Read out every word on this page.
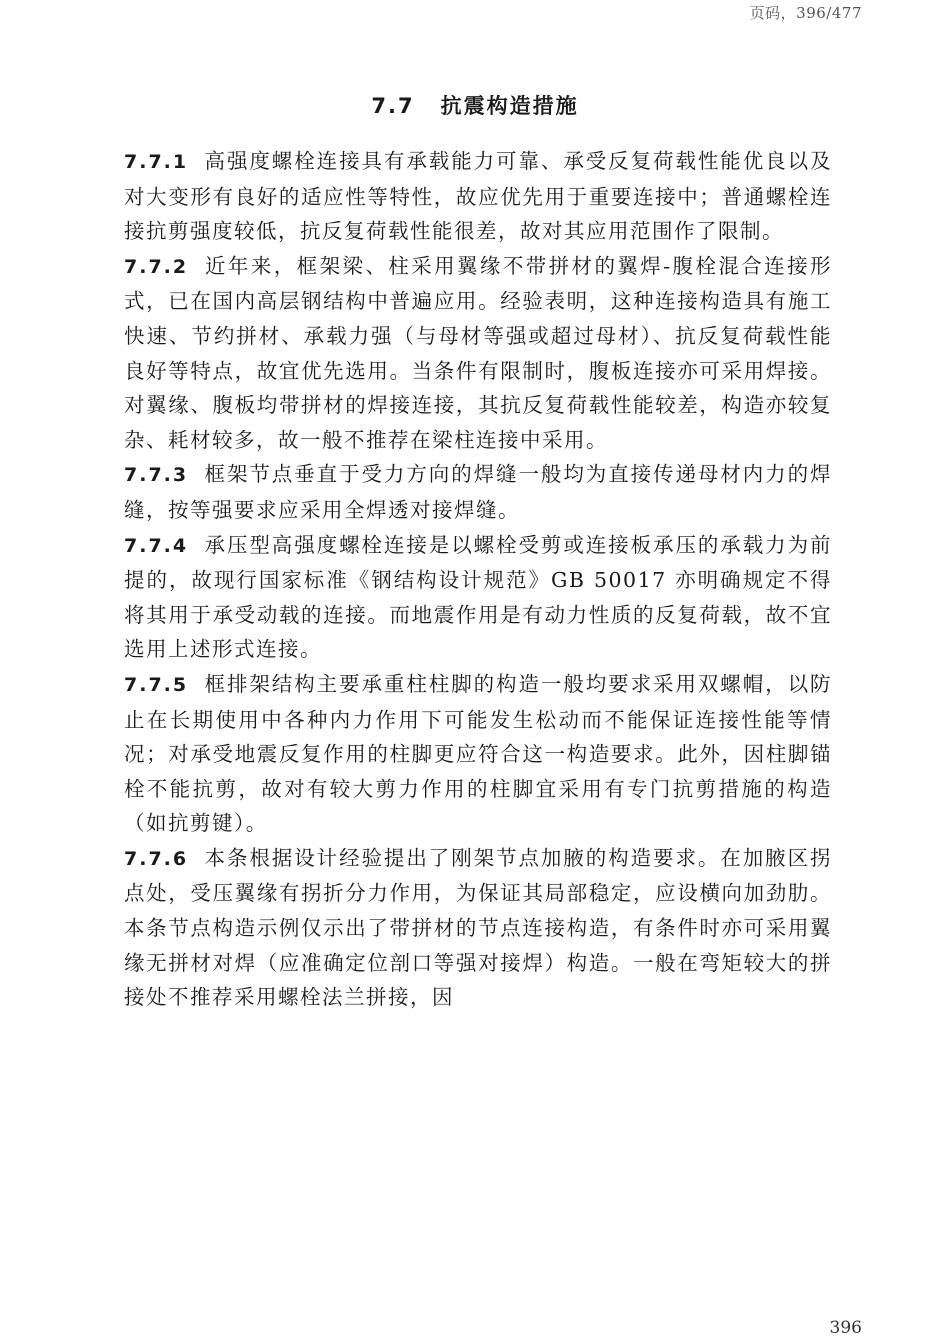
页码，396/477
7.7 抗震构造措施

7.7.1 高强度螺栓连接具有承载能力可靠、承受反复荷载性能优良以及对大变形有良好的适应性等特性，故应优先用于重要连接中；普通螺栓连接抗剪强度较低，抗反复荷载性能很差，故对其应用范围作了限制。

7.7.2 近年来，框架梁、柱采用翼缘不带拼材的翼焊-腹栓混合连接形式，已在国内高层钢结构中普遍应用。经验表明，这种连接构造具有施工快速、节约拼材、承载力强（与母材等强或超过母材）、抗反复荷载性能良好等特点，故宜优先选用。当条件有限制时，腹板连接亦可采用焊接。对翼缘、腹板均带拼材的焊接连接，其抗反复荷载性能较差，构造亦较复杂、耗材较多，故一般不推荐在梁柱连接中采用。

7.7.3 框架节点垂直于受力方向的焊缝一般均为直接传递母材内力的焊缝，按等强要求应采用全焊透对接焊缝。

7.7.4 承压型高强度螺栓连接是以螺栓受剪或连接板承压的承载力为前提的，故现行国家标准《钢结构设计规范》GB 50017 亦明确规定不得将其用于承受动载的连接。而地震作用是有动力性质的反复荷载，故不宜选用上述形式连接。

7.7.5 框排架结构主要承重柱柱脚的构造一般均要求采用双螺帽，以防止在长期使用中各种内力作用下可能发生松动而不能保证连接性能等情况；对承受地震反复作用的柱脚更应符合这一构造要求。此外，因柱脚锚栓不能抗剪，故对有较大剪力作用的柱脚宜采用有专门抗剪措施的构造（如抗剪键）。

7.7.6 本条根据设计经验提出了刚架节点加腋的构造要求。在加腋区拐点处，受压翼缘有拐折分力作用，为保证其局部稳定，应设横向加劲肋。本条节点构造示例仅示出了带拼材的节点连接构造，有条件时亦可采用翼缘无拼材对焊（应准确定位剖口等强对接焊）构造。一般在弯矩较大的拼接处不推荐采用螺栓法兰拼接，因

396
